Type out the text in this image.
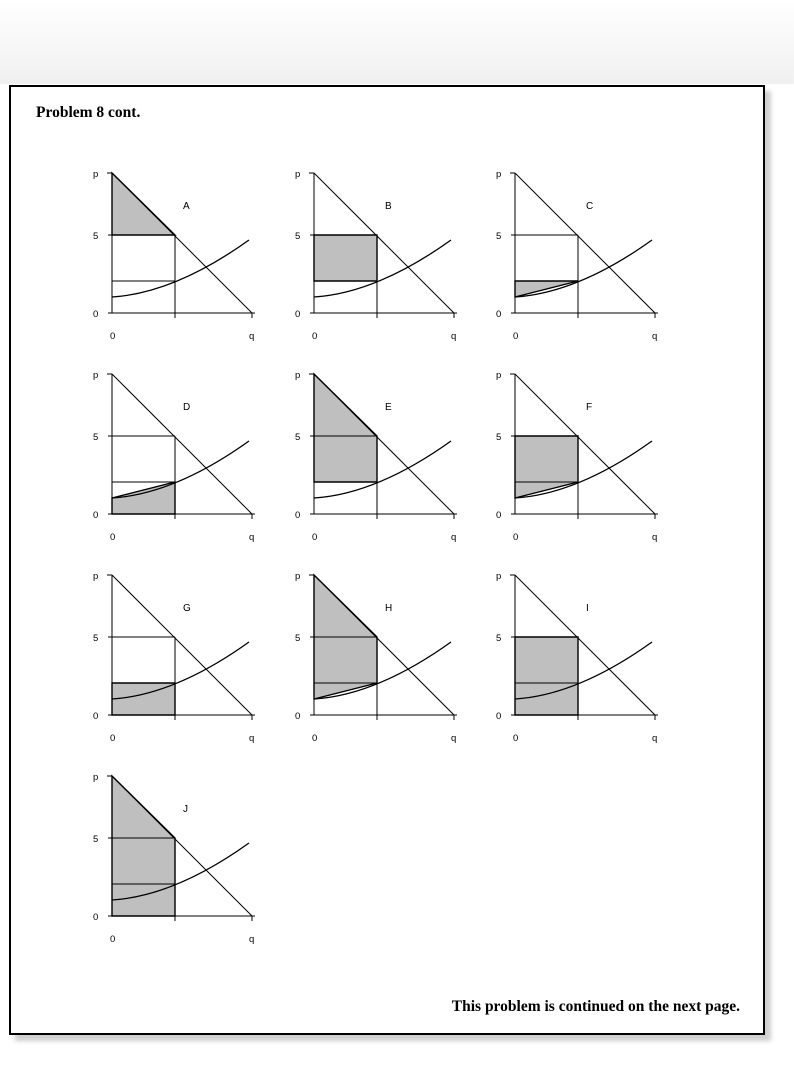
Problem 8 cont.
p
5
0
0	q
A
p
5
0
0	q
B
p
5
0
0	q
C
p
5
0
0	q
D
p
5
0
0	q
E
p
5
0
0	q
F
p
5
0
0	q
G
p
5
0
0	q
H
p
5
0
0	q
I
p
5
0
0	q
J
This problem is continued on the next page.
